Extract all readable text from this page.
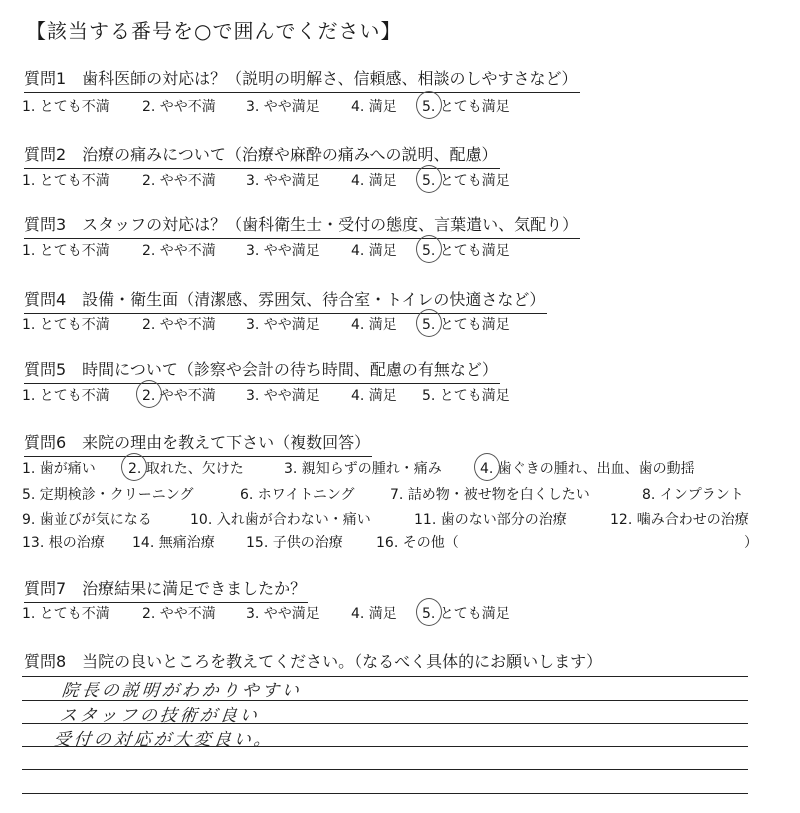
【該当する番号を○で囲んでください】
質問1　歯科医師の対応は？（説明の明解さ、信頼感、相談のしやすさなど）
1. とても不満 2. やや不満 3. やや満足 4. 満足 5. とても満足
質問2　治療の痛みについて（治療や麻酔の痛みへの説明、配慮）
1. とても不満 2. やや不満 3. やや満足 4. 満足 5. とても満足
質問3　スタッフの対応は？（歯科衛生士・受付の態度、言葉遣い、気配り）
1. とても不満 2. やや不満 3. やや満足 4. 満足 5. とても満足
質問4　設備・衛生面（清潔感、雰囲気、待合室・トイレの快適さなど）
1. とても不満 2. やや不満 3. やや満足 4. 満足 5. とても満足
質問5　時間について（診察や会計の待ち時間、配慮の有無など）
1. とても不満 2. やや不満 3. やや満足 4. 満足 5. とても満足
質問6　来院の理由を教えて下さい（複数回答）
1. 歯が痛い 2. 取れた、欠けた	3. 親知らずの腫れ・痛み	4. 歯ぐきの腫れ、出血、歯の動揺
5. 定期検診・クリーニング	6. ホワイトニング	7. 詰め物・被せ物を白くしたい	8. インプラント
9. 歯並びが気になる	10. 入れ歯が合わない・痛い	11. 歯のない部分の治療	12. 噛み合わせの治療
13. 根の治療 14. 無痛治療 15. 子供の治療 16. その他（	）
質問7　治療結果に満足できましたか？
1. とても不満 2. やや不満 3. やや満足 4. 満足 5. とても満足
質問8　当院の良いところを教えてください。（なるべく具体的にお願いします）
院長の説明がわかりやすい
スタッフの技術が良い
受付の対応が大変良い。
